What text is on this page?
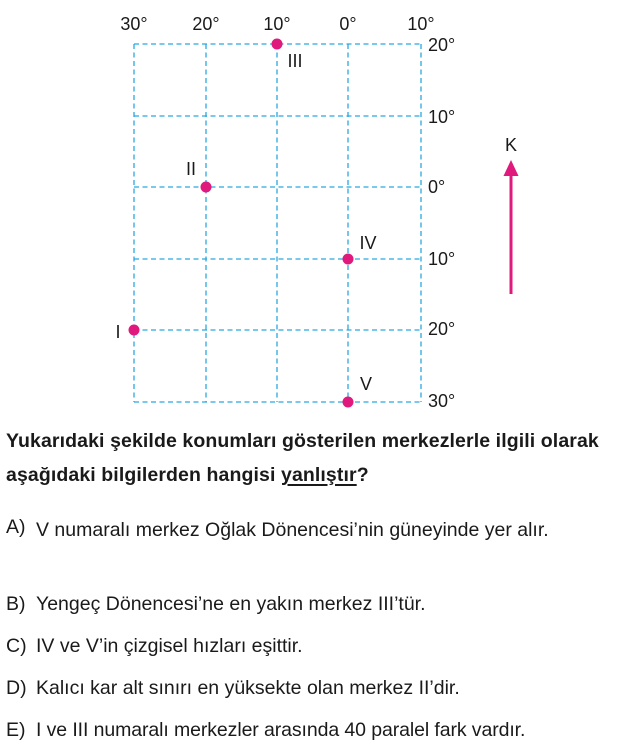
30° 20° 10°	0°	10°
20°
10°
0°
10°
20°
30°
I
II
III
IV
V
K
Yukarıdaki şekilde konumları gösterilen merkezlerle ilgili olarak aşağıdaki bilgilerden hangisi yanlıştır?
A) V numaralı merkez Oğlak Dönencesi’nin güneyinde yer alır.
B) Yengeç Dönencesi’ne en yakın merkez III’tür.
C) IV ve V’in çizgisel hızları eşittir.
D) Kalıcı kar alt sınırı en yüksekte olan merkez II’dir.
E) I ve III numaralı merkezler arasında 40 paralel fark vardır.
